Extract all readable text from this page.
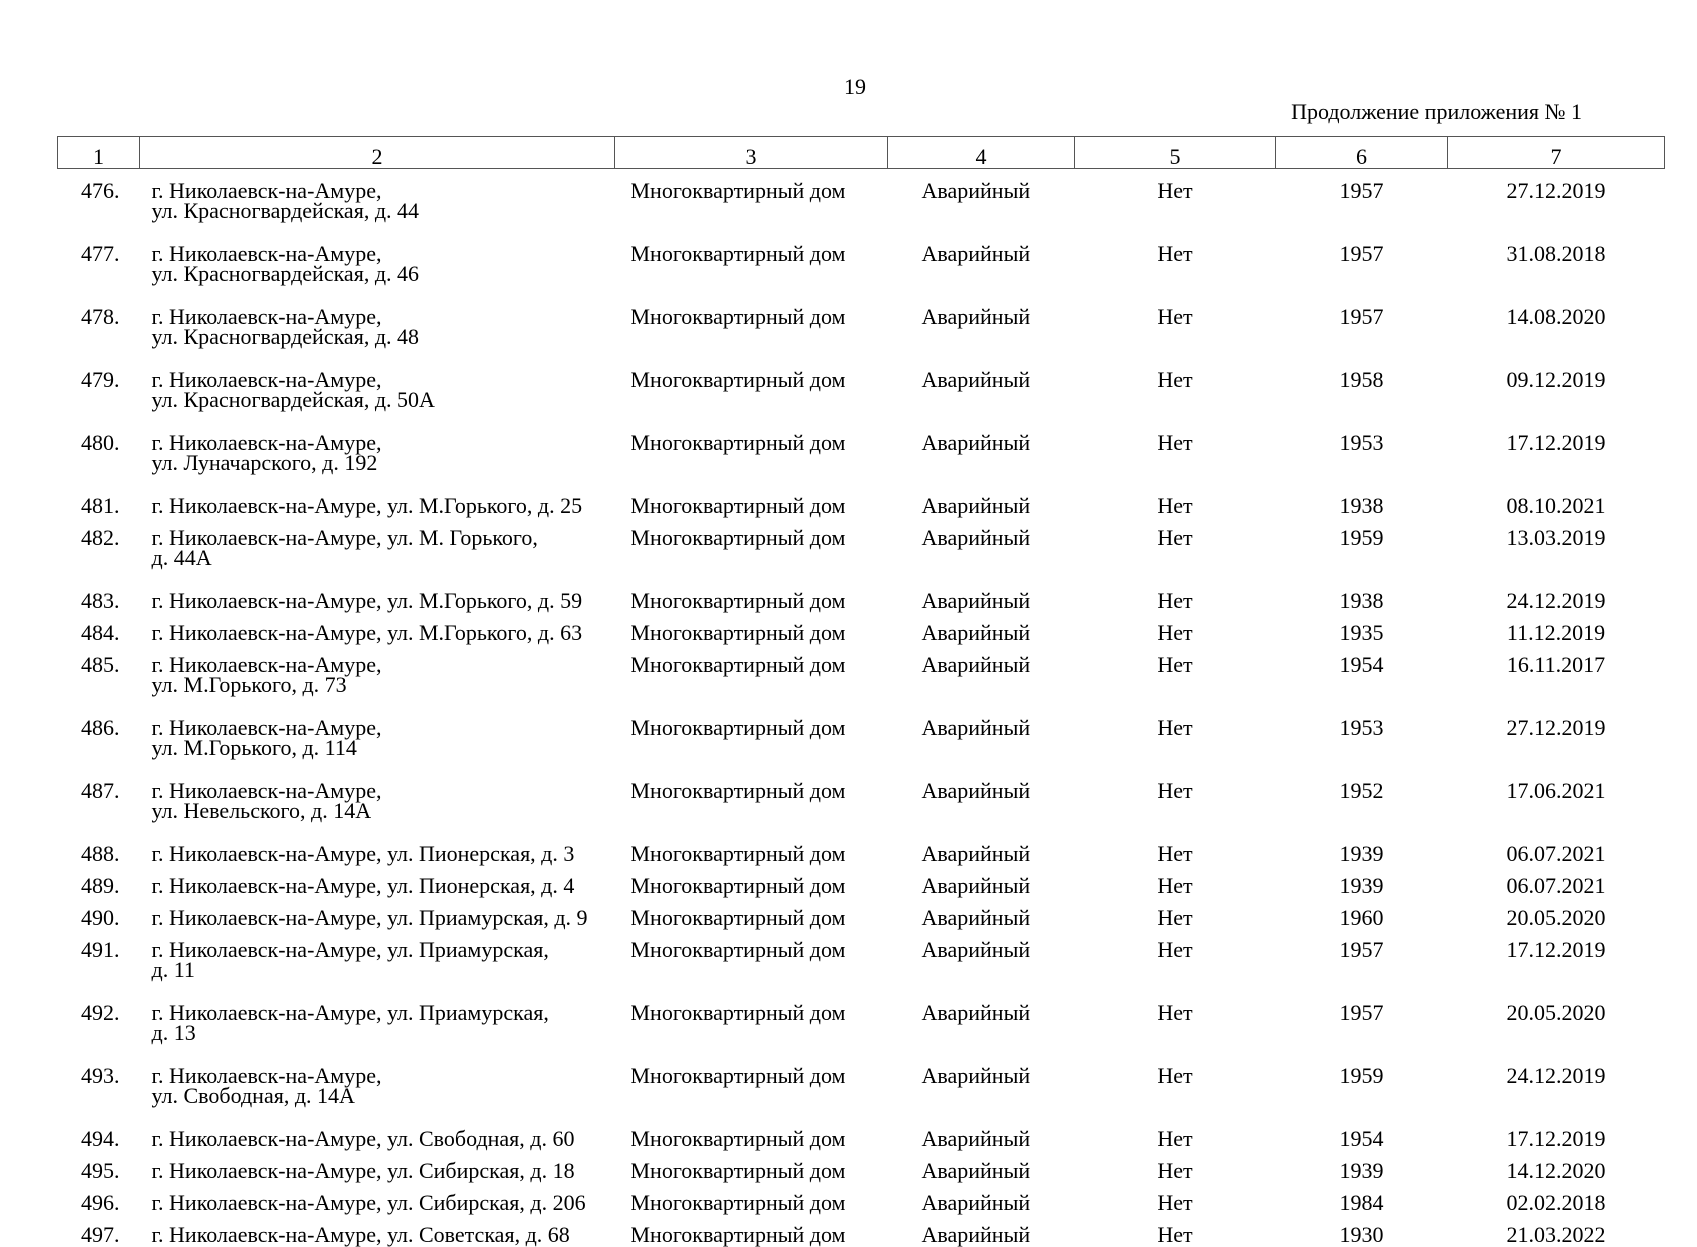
19
Продолжение приложения № 1
1	2	3	4	5	6	7
476.	г. Николаевск-на-Амуре,
ул. Красногвардейская, д. 44	Многоквартирный дом	Аварийный	Нет	1957	27.12.2019
477.	г. Николаевск-на-Амуре,
ул. Красногвардейская, д. 46	Многоквартирный дом	Аварийный	Нет	1957	31.08.2018
478.	г. Николаевск-на-Амуре,
ул. Красногвардейская, д. 48	Многоквартирный дом	Аварийный	Нет	1957	14.08.2020
479.	г. Николаевск-на-Амуре,
ул. Красногвардейская, д. 50А	Многоквартирный дом	Аварийный	Нет	1958	09.12.2019
480.	г. Николаевск-на-Амуре,
ул. Луначарского, д. 192	Многоквартирный дом	Аварийный	Нет	1953	17.12.2019
481.	г. Николаевск-на-Амуре, ул. М.Горького, д. 25	Многоквартирный дом	Аварийный	Нет	1938	08.10.2021
482.	г. Николаевск-на-Амуре, ул. М. Горького,
д. 44А	Многоквартирный дом	Аварийный	Нет	1959	13.03.2019
483.	г. Николаевск-на-Амуре, ул. М.Горького, д. 59	Многоквартирный дом	Аварийный	Нет	1938	24.12.2019
484.	г. Николаевск-на-Амуре, ул. М.Горького, д. 63	Многоквартирный дом	Аварийный	Нет	1935	11.12.2019
485.	г. Николаевск-на-Амуре,
ул. М.Горького, д. 73	Многоквартирный дом	Аварийный	Нет	1954	16.11.2017
486.	г. Николаевск-на-Амуре,
ул. М.Горького, д. 114	Многоквартирный дом	Аварийный	Нет	1953	27.12.2019
487.	г. Николаевск-на-Амуре,
ул. Невельского, д. 14А	Многоквартирный дом	Аварийный	Нет	1952	17.06.2021
488.	г. Николаевск-на-Амуре, ул. Пионерская, д. 3	Многоквартирный дом	Аварийный	Нет	1939	06.07.2021
489.	г. Николаевск-на-Амуре, ул. Пионерская, д. 4	Многоквартирный дом	Аварийный	Нет	1939	06.07.2021
490.	г. Николаевск-на-Амуре, ул. Приамурская, д. 9	Многоквартирный дом	Аварийный	Нет	1960	20.05.2020
491.	г. Николаевск-на-Амуре, ул. Приамурская,
д. 11	Многоквартирный дом	Аварийный	Нет	1957	17.12.2019
492.	г. Николаевск-на-Амуре, ул. Приамурская,
д. 13	Многоквартирный дом	Аварийный	Нет	1957	20.05.2020
493.	г. Николаевск-на-Амуре,
ул. Свободная, д. 14А	Многоквартирный дом	Аварийный	Нет	1959	24.12.2019
494.	г. Николаевск-на-Амуре, ул. Свободная, д. 60	Многоквартирный дом	Аварийный	Нет	1954	17.12.2019
495.	г. Николаевск-на-Амуре, ул. Сибирская, д. 18	Многоквартирный дом	Аварийный	Нет	1939	14.12.2020
496.	г. Николаевск-на-Амуре, ул. Сибирская, д. 206	Многоквартирный дом	Аварийный	Нет	1984	02.02.2018
497.	г. Николаевск-на-Амуре, ул. Советская, д. 68	Многоквартирный дом	Аварийный	Нет	1930	21.03.2022
